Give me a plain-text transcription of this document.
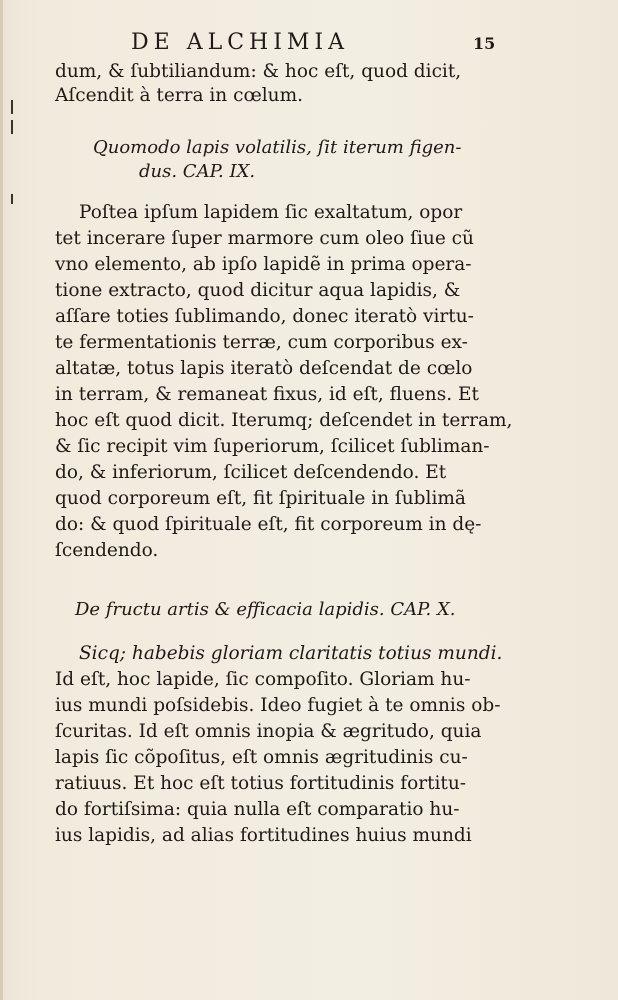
DE ALCHIMIA	15
dum, & ſubtiliandum: & hoc eſt, quod dicit,
Aſcendit à terra in cœlum.
Quomodo lapis volatilis, ſit iterum figen-
dus. CAP. IX.
Poſtea ipſum lapidem ſic exaltatum, opor
tet incerare ſuper marmore cum oleo ſiue cũ
vno elemento, ab ipſo lapidẽ in prima opera-
tione extracto, quod dicitur aqua lapidis, &
aſſare toties ſublimando, donec iteratò virtu-
te fermentationis terræ, cum corporibus ex-
altatæ, totus lapis iteratò deſcendat de cœlo
in terram, & remaneat fixus, id eſt, fluens. Et
hoc eſt quod dicit. Iterumq; deſcendet in terram,
& ſic recipit vim ſuperiorum, ſcilicet ſubliman-
do, & inferiorum, ſcilicet deſcendendo. Et
quod corporeum eſt, fit ſpirituale in ſublimã
do: & quod ſpirituale eſt, fit corporeum in dę-
ſcendendo.
De fructu artis & efficacia lapidis. CAP. X.
Sicq; habebis gloriam claritatis totius mundi.
Id eſt, hoc lapide, ſic compoſito. Gloriam hu-
ius mundi poſsidebis. Ideo fugiet à te omnis ob-
ſcuritas. Id eſt omnis inopia & ægritudo, quia
lapis ſic cõpoſitus, eſt omnis ægritudinis cu-
ratiuus. Et hoc eſt totius fortitudinis fortitu-
do fortiſsima: quia nulla eſt comparatio hu-
ius lapidis, ad alias fortitudines huius mundi
